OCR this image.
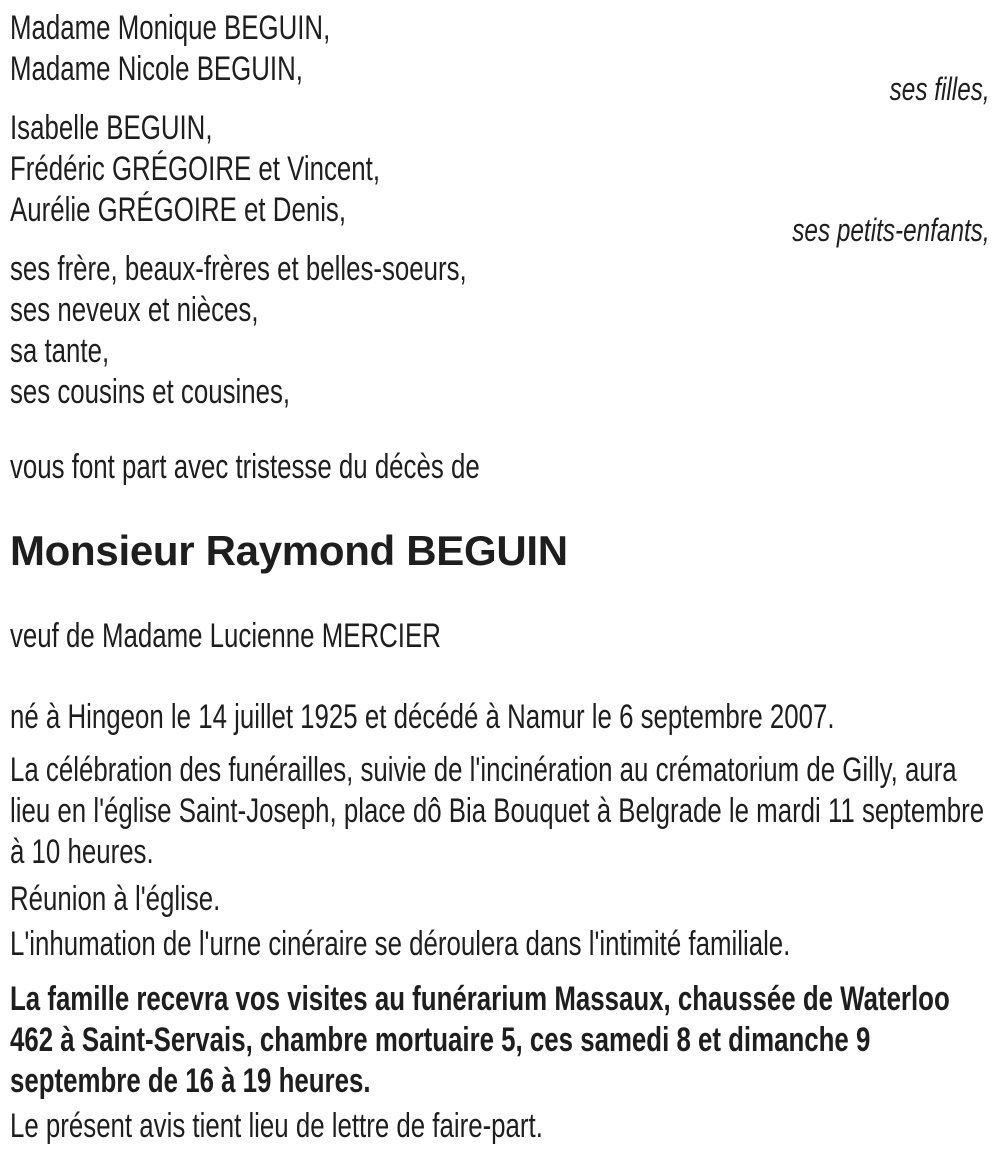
Madame Monique BEGUIN,
Madame Nicole BEGUIN,
ses filles,
Isabelle BEGUIN,
Frédéric GRÉGOIRE et Vincent,
Aurélie GRÉGOIRE et Denis,
ses petits-enfants,
ses frère, beaux-frères et belles-soeurs,
ses neveux et nièces,
sa tante,
ses cousins et cousines,
vous font part avec tristesse du décès de
Monsieur Raymond BEGUIN

veuf de Madame Lucienne MERCIER

né à Hingeon le 14 juillet 1925 et décédé à Namur le 6 septembre 2007.

La célébration des funérailles, suivie de l'incinération au crématorium de Gilly, aura lieu en l'église Saint-Joseph, place dô Bia Bouquet à Belgrade le mardi 11 septembre à 10 heures.

Réunion à l'église.

L'inhumation de l'urne cinéraire se déroulera dans l'intimité familiale.

La famille recevra vos visites au funérarium Massaux, chaussée de Waterloo 462 à Saint-Servais, chambre mortuaire 5, ces samedi 8 et dimanche 9 septembre de 16 à 19 heures.

Le présent avis tient lieu de lettre de faire-part.
